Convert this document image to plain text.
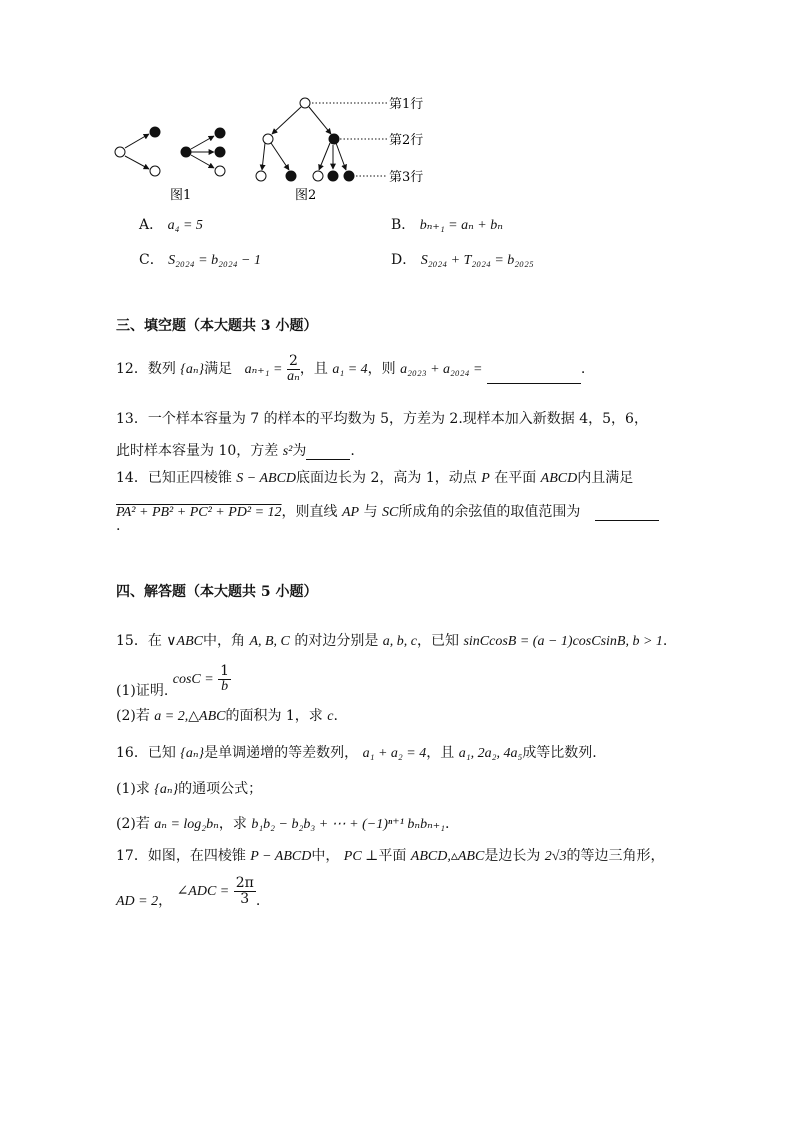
第1行
第2行
第3行
图1	图2
A． a₄ = 5	B． bₙ₊₁ = aₙ + bₙ
C． S₂₀₂₄ = b₂₀₂₄ − 1	D． S₂₀₂₄ + T₂₀₂₄ = b₂₀₂₅
三、填空题（本大题共 3 小题）
12．数列 {aₙ}满足 $a_{n+1} = \frac{2}{\text{aₙ}}$ ，且 a₁ = 4，则 a₂₀₂₃ + a₂₀₂₄ =	.
13．一个样本容量为 7 的样本的平均数为 5，方差为 2.现样本加入新数据 4，5，6，
此时样本容量为 10，方差 s²为	.
14．已知正四棱锥 S − ABCD底面边长为 2，高为 1，动点 P 在平面 ABCD内且满足
PA² + PB² + PC² + PD² = 12，则直线 AP 与 SC所成角的余弦值的取值范围为
.
四、解答题（本大题共 5 小题）
15．在 ∨ABC中，角 A, B, C 的对边分别是 a, b, c，已知 sinCcosB = (a − 1)cosCsinB, b > 1.
(1)证明. $\cos C = \frac{1}{b}$
(2)若 a = 2,△ABC的面积为 1，求 c.
16．已知 {aₙ}是单调递增的等差数列， a₁ + a₂ = 4，且 a₁, 2a₂, 4a₅成等比数列.
(1)求 {aₙ}的通项公式；
(2)若 aₙ = log₂bₙ，求 b₁b₂ − b₂b₃ + ⋯ + (−1)ⁿ⁺¹ bₙbₙ₊₁.
17．如图，在四棱锥 P − ABCD中， PC ⊥平面 ABCD,▵ABC是边长为 2√3的等边三角形，
AD = 2， ∠ADC = $\frac{2\pi}{3}$ .
